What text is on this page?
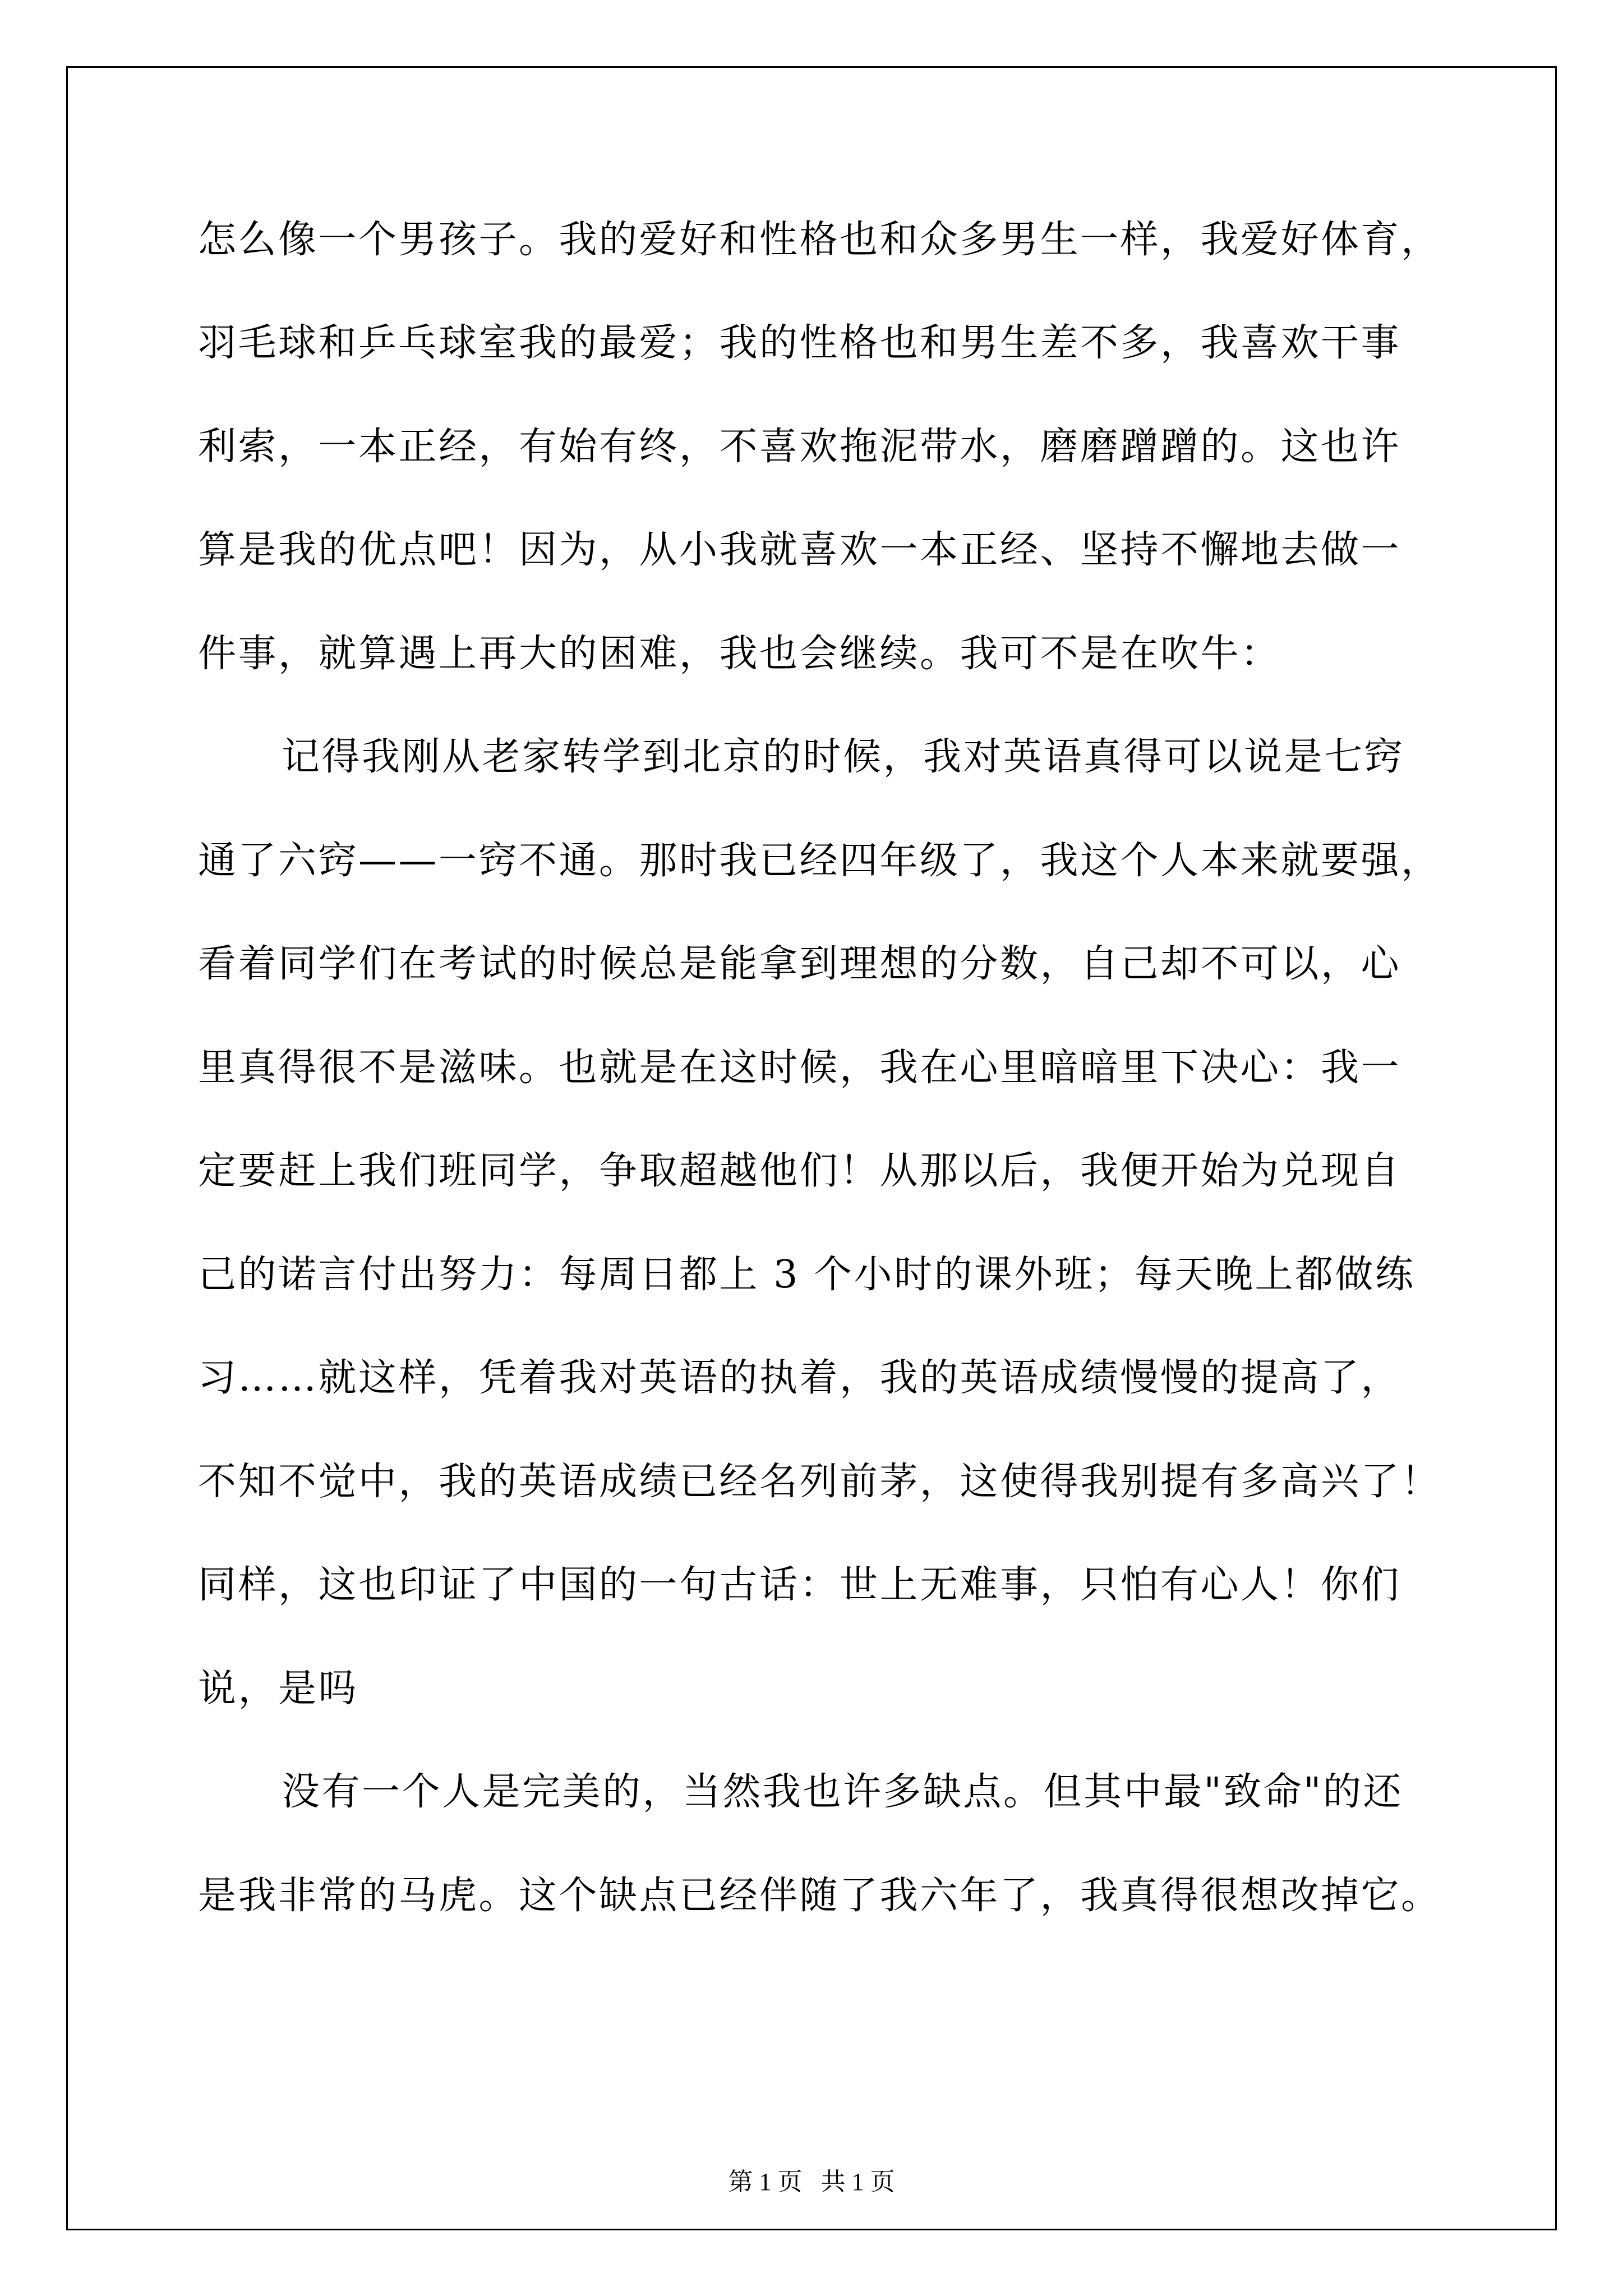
怎么像一个男孩子。我的爱好和性格也和众多男生一样，我爱好体育，

羽毛球和乒乓球室我的最爱；我的性格也和男生差不多，我喜欢干事

利索，一本正经，有始有终，不喜欢拖泥带水，磨磨蹭蹭的。这也许

算是我的优点吧！因为，从小我就喜欢一本正经、坚持不懈地去做一

件事，就算遇上再大的困难，我也会继续。我可不是在吹牛：

记得我刚从老家转学到北京的时候，我对英语真得可以说是七窍

通了六窍——一窍不通。那时我已经四年级了，我这个人本来就要强，

看着同学们在考试的时候总是能拿到理想的分数，自己却不可以，心

里真得很不是滋味。也就是在这时候，我在心里暗暗里下决心：我一

定要赶上我们班同学，争取超越他们！从那以后，我便开始为兑现自

己的诺言付出努力：每周日都上 3 个小时的课外班；每天晚上都做练

习……就这样，凭着我对英语的执着，我的英语成绩慢慢的提高了，

不知不觉中，我的英语成绩已经名列前茅，这使得我别提有多高兴了！

同样，这也印证了中国的一句古话：世上无难事，只怕有心人！你们

说，是吗

没有一个人是完美的，当然我也许多缺点。但其中最"致命"的还

是我非常的马虎。这个缺点已经伴随了我六年了，我真得很想改掉它。

第 1 页 共 1 页
